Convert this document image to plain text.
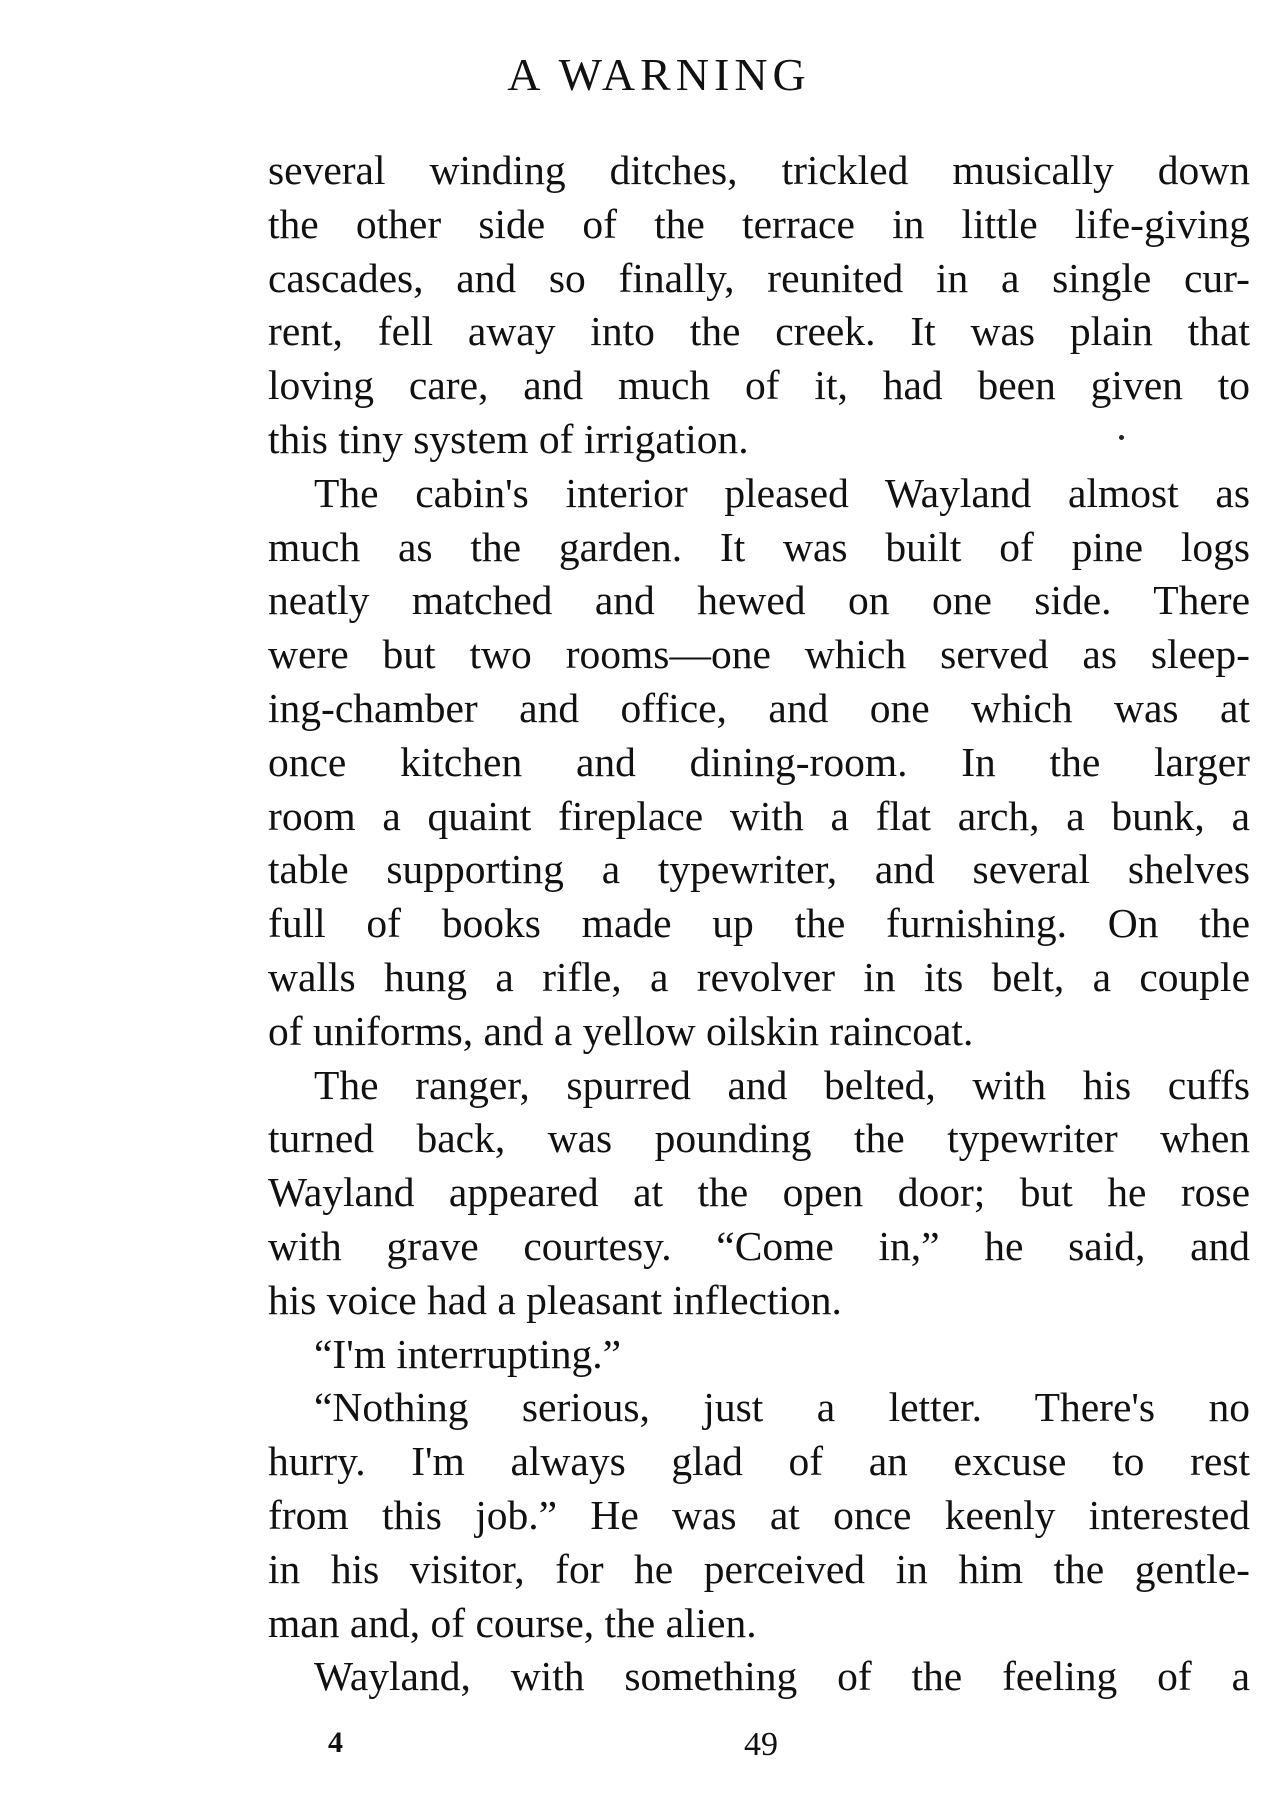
A WARNING
several winding ditches, trickled musically down
the other side of the terrace in little life-giving
cascades, and so finally, reunited in a single cur-
rent, fell away into the creek. It was plain that
loving care, and much of it, had been given to
this tiny system of irrigation.
The cabin's interior pleased Wayland almost as
much as the garden. It was built of pine logs
neatly matched and hewed on one side. There
were but two rooms—one which served as sleep-
ing-chamber and office, and one which was at
once kitchen and dining-room. In the larger
room a quaint fireplace with a flat arch, a bunk, a
table supporting a typewriter, and several shelves
full of books made up the furnishing. On the
walls hung a rifle, a revolver in its belt, a couple
of uniforms, and a yellow oilskin raincoat.
The ranger, spurred and belted, with his cuffs
turned back, was pounding the typewriter when
Wayland appeared at the open door; but he rose
with grave courtesy. “Come in,” he said, and
his voice had a pleasant inflection.
“I'm interrupting.”
“Nothing serious, just a letter. There's no
hurry. I'm always glad of an excuse to rest
from this job.” He was at once keenly interested
in his visitor, for he perceived in him the gentle-
man and, of course, the alien.
Wayland, with something of the feeling of a
4	49
